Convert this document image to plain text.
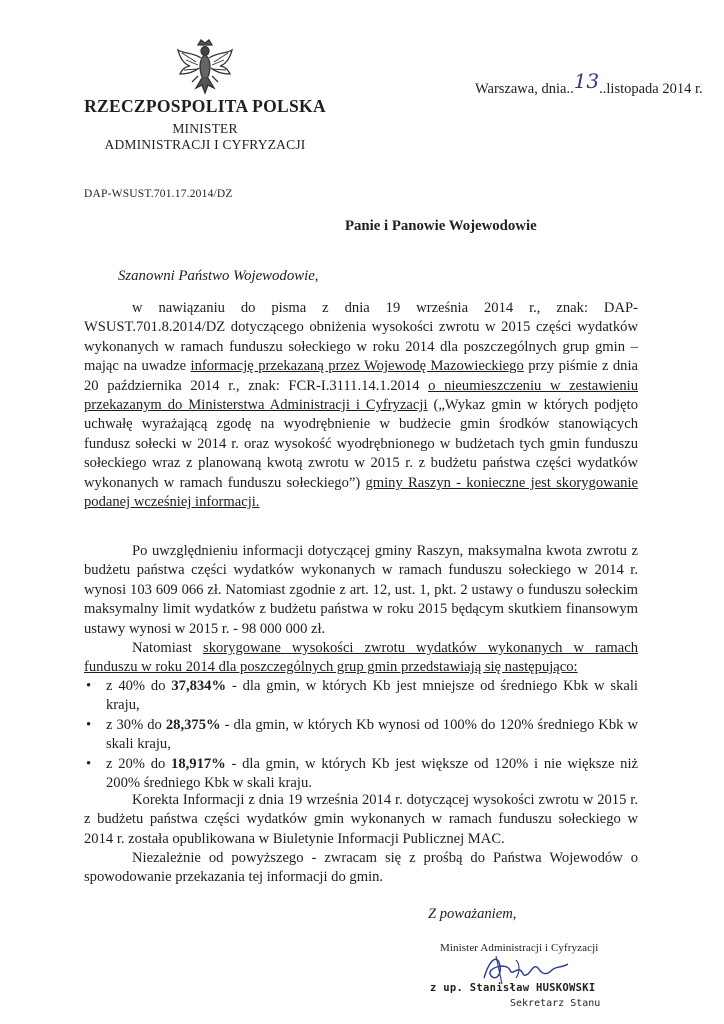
RZECZPOSPOLITA POLSKA
MINISTER
ADMINISTRACJI I CYFRYZACJI
Warszawa, dnia..13..listopada 2014 r.
DAP-WSUST.701.17.2014/DZ
Panie i Panowie Wojewodowie
Szanowni Państwo Wojewodowie,

w nawiązaniu do pisma z dnia 19 września 2014 r., znak: DAP-WSUST.701.8.2014/DZ dotyczącego obniżenia wysokości zwrotu w 2015 części wydatków wykonanych w ramach funduszu sołeckiego w roku 2014 dla poszczególnych grup gmin – mając na uwadze informację przekazaną przez Wojewodę Mazowieckiego przy piśmie z dnia 20 października 2014 r., znak: FCR-I.3111.14.1.2014 o nieumieszczeniu w zestawieniu przekazanym do Ministerstwa Administracji i Cyfryzacji („Wykaz gmin w których podjęto uchwałę wyrażającą zgodę na wyodrębnienie w budżecie gmin środków stanowiących fundusz sołecki w 2014 r. oraz wysokość wyodrębnionego w budżetach tych gmin funduszu sołeckiego wraz z planowaną kwotą zwrotu w 2015 r. z budżetu państwa części wydatków wykonanych w ramach funduszu sołeckiego”) gminy Raszyn - konieczne jest skorygowanie podanej wcześniej informacji.

Po uwzględnieniu informacji dotyczącej gminy Raszyn, maksymalna kwota zwrotu z budżetu państwa części wydatków wykonanych w ramach funduszu sołeckiego w 2014 r. wynosi 103 609 066 zł. Natomiast zgodnie z art. 12, ust. 1, pkt. 2 ustawy o funduszu sołeckim maksymalny limit wydatków z budżetu państwa w roku 2015 będącym skutkiem finansowym ustawy wynosi w 2015 r. - 98 000 000 zł.

Natomiast skorygowane wysokości zwrotu wydatków wykonanych w ramach funduszu w roku 2014 dla poszczególnych grup gmin przedstawiają się następująco:

• z 40% do 37,834% - dla gmin, w których Kb jest mniejsze od średniego Kbk w skali kraju,
• z 30% do 28,375% - dla gmin, w których Kb wynosi od 100% do 120% średniego Kbk w skali kraju,
• z 20% do 18,917% - dla gmin, w których Kb jest większe od 120% i nie większe niż 200% średniego Kbk w skali kraju.

Korekta Informacji z dnia 19 września 2014 r. dotyczącej wysokości zwrotu w 2015 r. z budżetu państwa części wydatków gmin wykonanych w ramach funduszu sołeckiego w 2014 r. została opublikowana w Biuletynie Informacji Publicznej MAC.

Niezależnie od powyższego - zwracam się z prośbą do Państwa Wojewodów o spowodowanie przekazania tej informacji do gmin.

Z poważaniem,
Minister Administracji i Cyfryzacji
z up. Stanisław HUSKOWSKI
Sekretarz Stanu
